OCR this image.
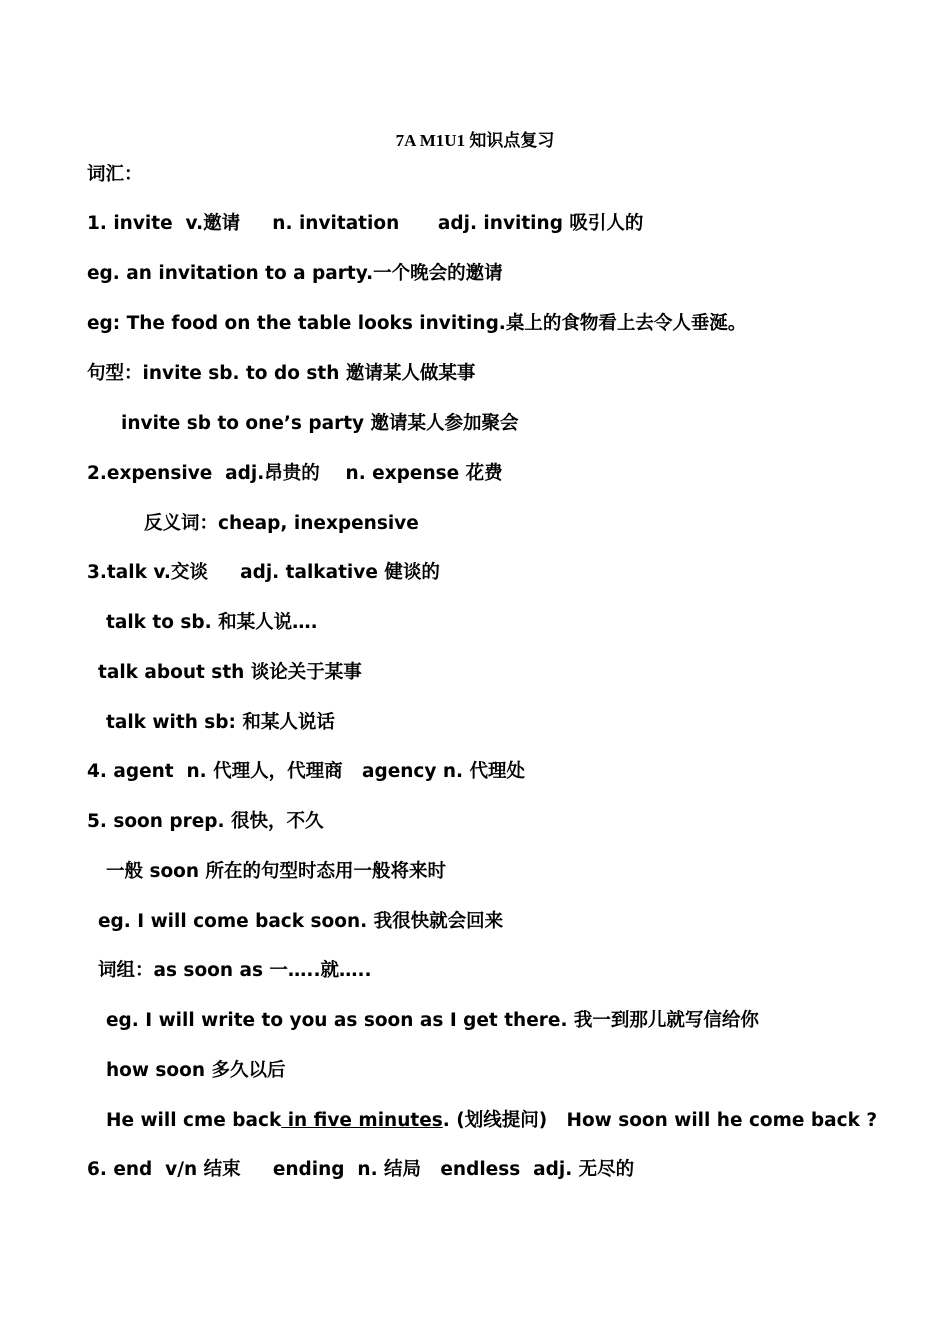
7A M1U1 知识点复习
词汇：
1. invite  v.邀请     n. invitation      adj. inviting 吸引人的
eg. an invitation to a party.一个晚会的邀请
eg: The food on the table looks inviting.桌上的食物看上去令人垂涎。
句型：invite sb. to do sth 邀请某人做某事
invite sb to one’s party 邀请某人参加聚会
2.expensive  adj.昂贵的    n. expense 花费
反义词：cheap, inexpensive
3.talk v.交谈     adj. talkative 健谈的
talk to sb. 和某人说….
talk about sth 谈论关于某事
talk with sb: 和某人说话
4. agent  n. 代理人，代理商   agency n. 代理处
5. soon prep. 很快，不久
一般 soon 所在的句型时态用一般将来时
eg. I will come back soon. 我很快就会回来
词组：as soon as 一…..就…..
eg. I will write to you as soon as I get there. 我一到那儿就写信给你
how soon 多久以后
He will cme back in five minutes. (划线提问)   How soon will he come back ?
6. end  v/n 结束     ending  n. 结局   endless  adj. 无尽的
